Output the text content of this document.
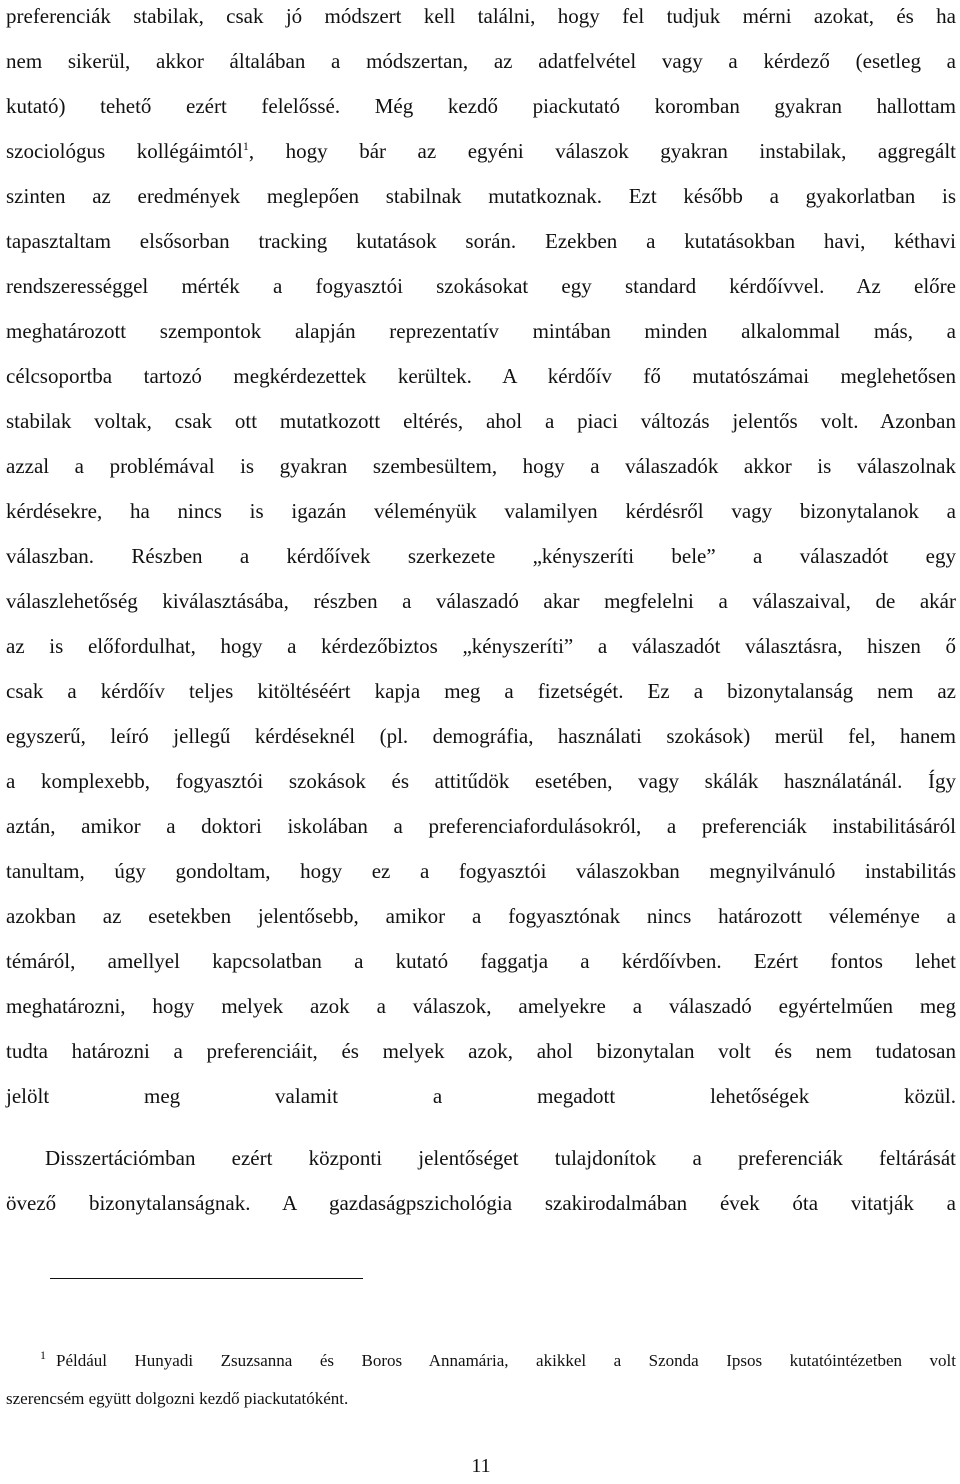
preferenciák stabilak, csak jó módszert kell találni, hogy fel tudjuk mérni azokat, és ha
nem sikerül, akkor általában a módszertan, az adatfelvétel vagy a kérdező (esetleg a
kutató) tehető ezért felelőssé. Még kezdő piackutató koromban gyakran hallottam
szociológus kollégáimtól$^1$, hogy bár az egyéni válaszok gyakran instabilak, aggregált
szinten az eredmények meglepően stabilnak mutatkoznak. Ezt később a gyakorlatban is
tapasztaltam elsősorban tracking kutatások során. Ezekben a kutatásokban havi, kéthavi
rendszerességgel mérték a fogyasztói szokásokat egy standard kérdőívvel. Az előre
meghatározott szempontok alapján reprezentatív mintában minden alkalommal más, a
célcsoportba tartozó megkérdezettek kerültek. A kérdőív fő mutatószámai meglehetősen
stabilak voltak, csak ott mutatkozott eltérés, ahol a piaci változás jelentős volt. Azonban
azzal a problémával is gyakran szembesültem, hogy a válaszadók akkor is válaszolnak
kérdésekre, ha nincs is igazán véleményük valamilyen kérdésről vagy bizonytalanok a
válaszban. Részben a kérdőívek szerkezete „kényszeríti bele” a válaszadót egy
válaszlehetőség kiválasztásába, részben a válaszadó akar megfelelni a válaszaival, de akár
az is előfordulhat, hogy a kérdezőbiztos „kényszeríti” a válaszadót választásra, hiszen ő
csak a kérdőív teljes kitöltéséért kapja meg a fizetségét. Ez a bizonytalanság nem az
egyszerű, leíró jellegű kérdéseknél (pl. demográfia, használati szokások) merül fel, hanem
a komplexebb, fogyasztói szokások és attitűdök esetében, vagy skálák használatánál. Így
aztán, amikor a doktori iskolában a preferenciafordulásokról, a preferenciák instabilitásáról
tanultam, úgy gondoltam, hogy ez a fogyasztói válaszokban megnyilvánuló instabilitás
azokban az esetekben jelentősebb, amikor a fogyasztónak nincs határozott véleménye a
témáról, amellyel kapcsolatban a kutató faggatja a kérdőívben. Ezért fontos lehet
meghatározni, hogy melyek azok a válaszok, amelyekre a válaszadó egyértelműen meg
tudta határozni a preferenciáit, és melyek azok, ahol bizonytalan volt és nem tudatosan
jelölt meg valamit a megadott lehetőségek közül.
Disszertációmban ezért központi jelentőséget tulajdonítok a preferenciák feltárását
övező bizonytalanságnak. A gazdaságpszichológia szakirodalmában évek óta vitatják a
$^1$ Például Hunyadi Zsuzsanna és Boros Annamária, akikkel a Szonda Ipsos kutatóintézetben volt
szerencsém együtt dolgozni kezdő piackutatóként.
11
